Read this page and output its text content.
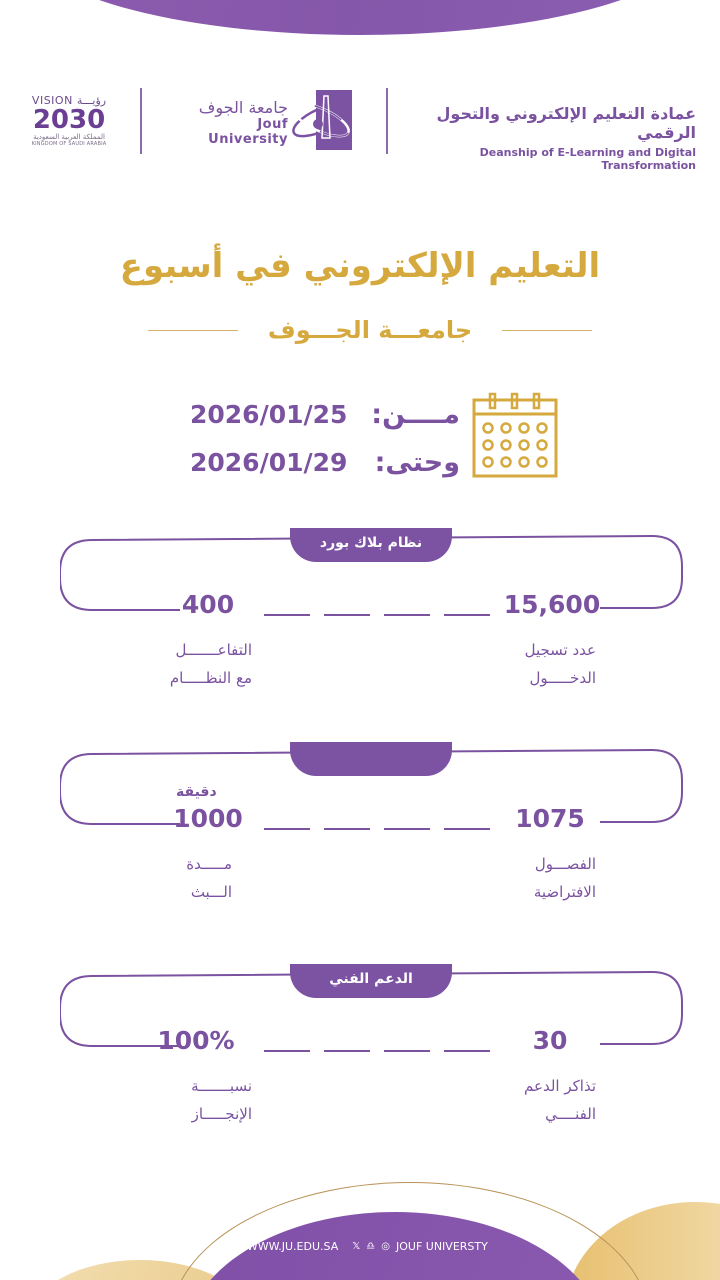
VISION رؤيـــة
2030
المملكة العربية السعودية
KINGDOM OF SAUDI ARABIA
جامعة الجوف
Jouf University
عمادة التعليم الإلكتروني والتحول الرقمي
Deanship of E-Learning and Digital Transformation
التعليم الإلكتروني في أسبوع
جامعـــة الجـــوف
2026/01/25 مــــن:
2026/01/29 وحتى:
نظام بلاك بورد
15,600
400
عدد تسجيل
الدخـــــول
التفاعـــــــل
مع النظـــــام
1075
دقيقة
1000
الفصـــول
الافتراضية
مـــــدة
الـــبث
الدعم الفني
30
100%
تذاكر الدعم
الفنــــي
نسبـــــــة
الإنجـــــاز
◍ WWW.JU.EDU.SA 𝕏 ♎ ◎ JOUF UNIVERSTY
